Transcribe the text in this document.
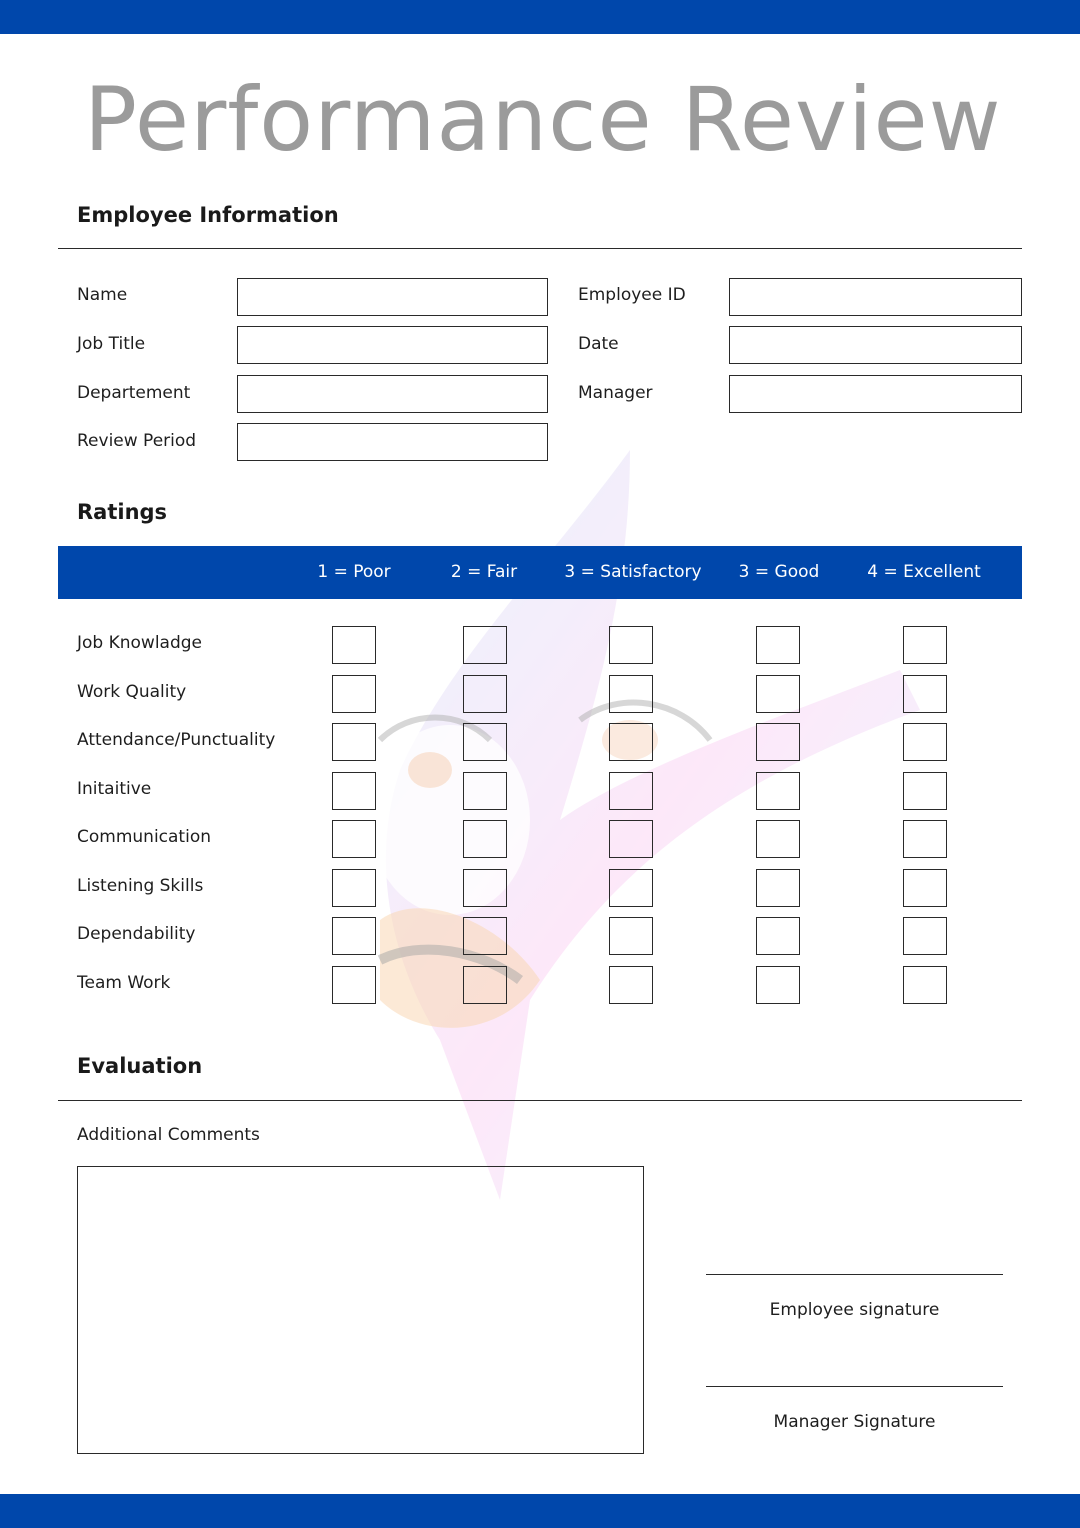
Performance Review
Employee Information
Name
Job Title
Departement
Review Period
Employee ID
Date
Manager
Ratings
1 = Poor	2 = Fair	3 = Satisfactory	3 = Good	4 = Excellent
Job Knowladge
Work Quality
Attendance/Punctuality
Initaitive
Communication
Listening Skills
Dependability
Team Work
Evaluation
Additional Comments
Employee signature
Manager Signature
